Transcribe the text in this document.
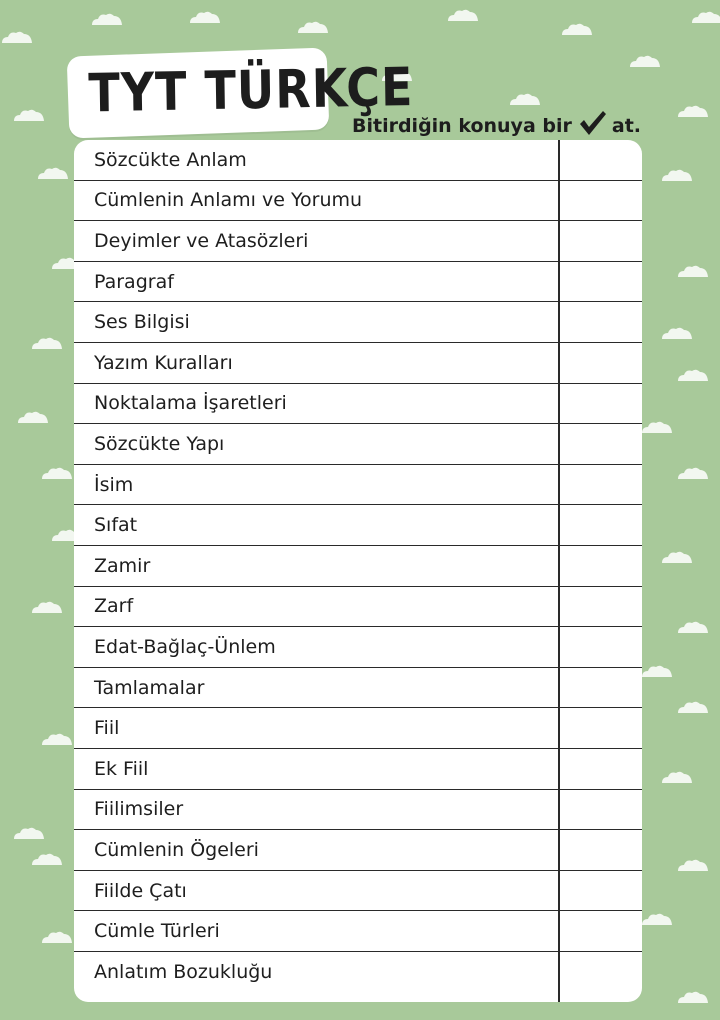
TYT TÜRKÇE
Bitirdiğin konuya bir at.
Sözcükte Anlam
Cümlenin Anlamı ve Yorumu
Deyimler ve Atasözleri
Paragraf
Ses Bilgisi
Yazım Kuralları
Noktalama İşaretleri
Sözcükte Yapı
İsim
Sıfat
Zamir
Zarf
Edat-Bağlaç-Ünlem
Tamlamalar
Fiil
Ek Fiil
Fiilimsiler
Cümlenin Ögeleri
Fiilde Çatı
Cümle Türleri
Anlatım Bozukluğu
